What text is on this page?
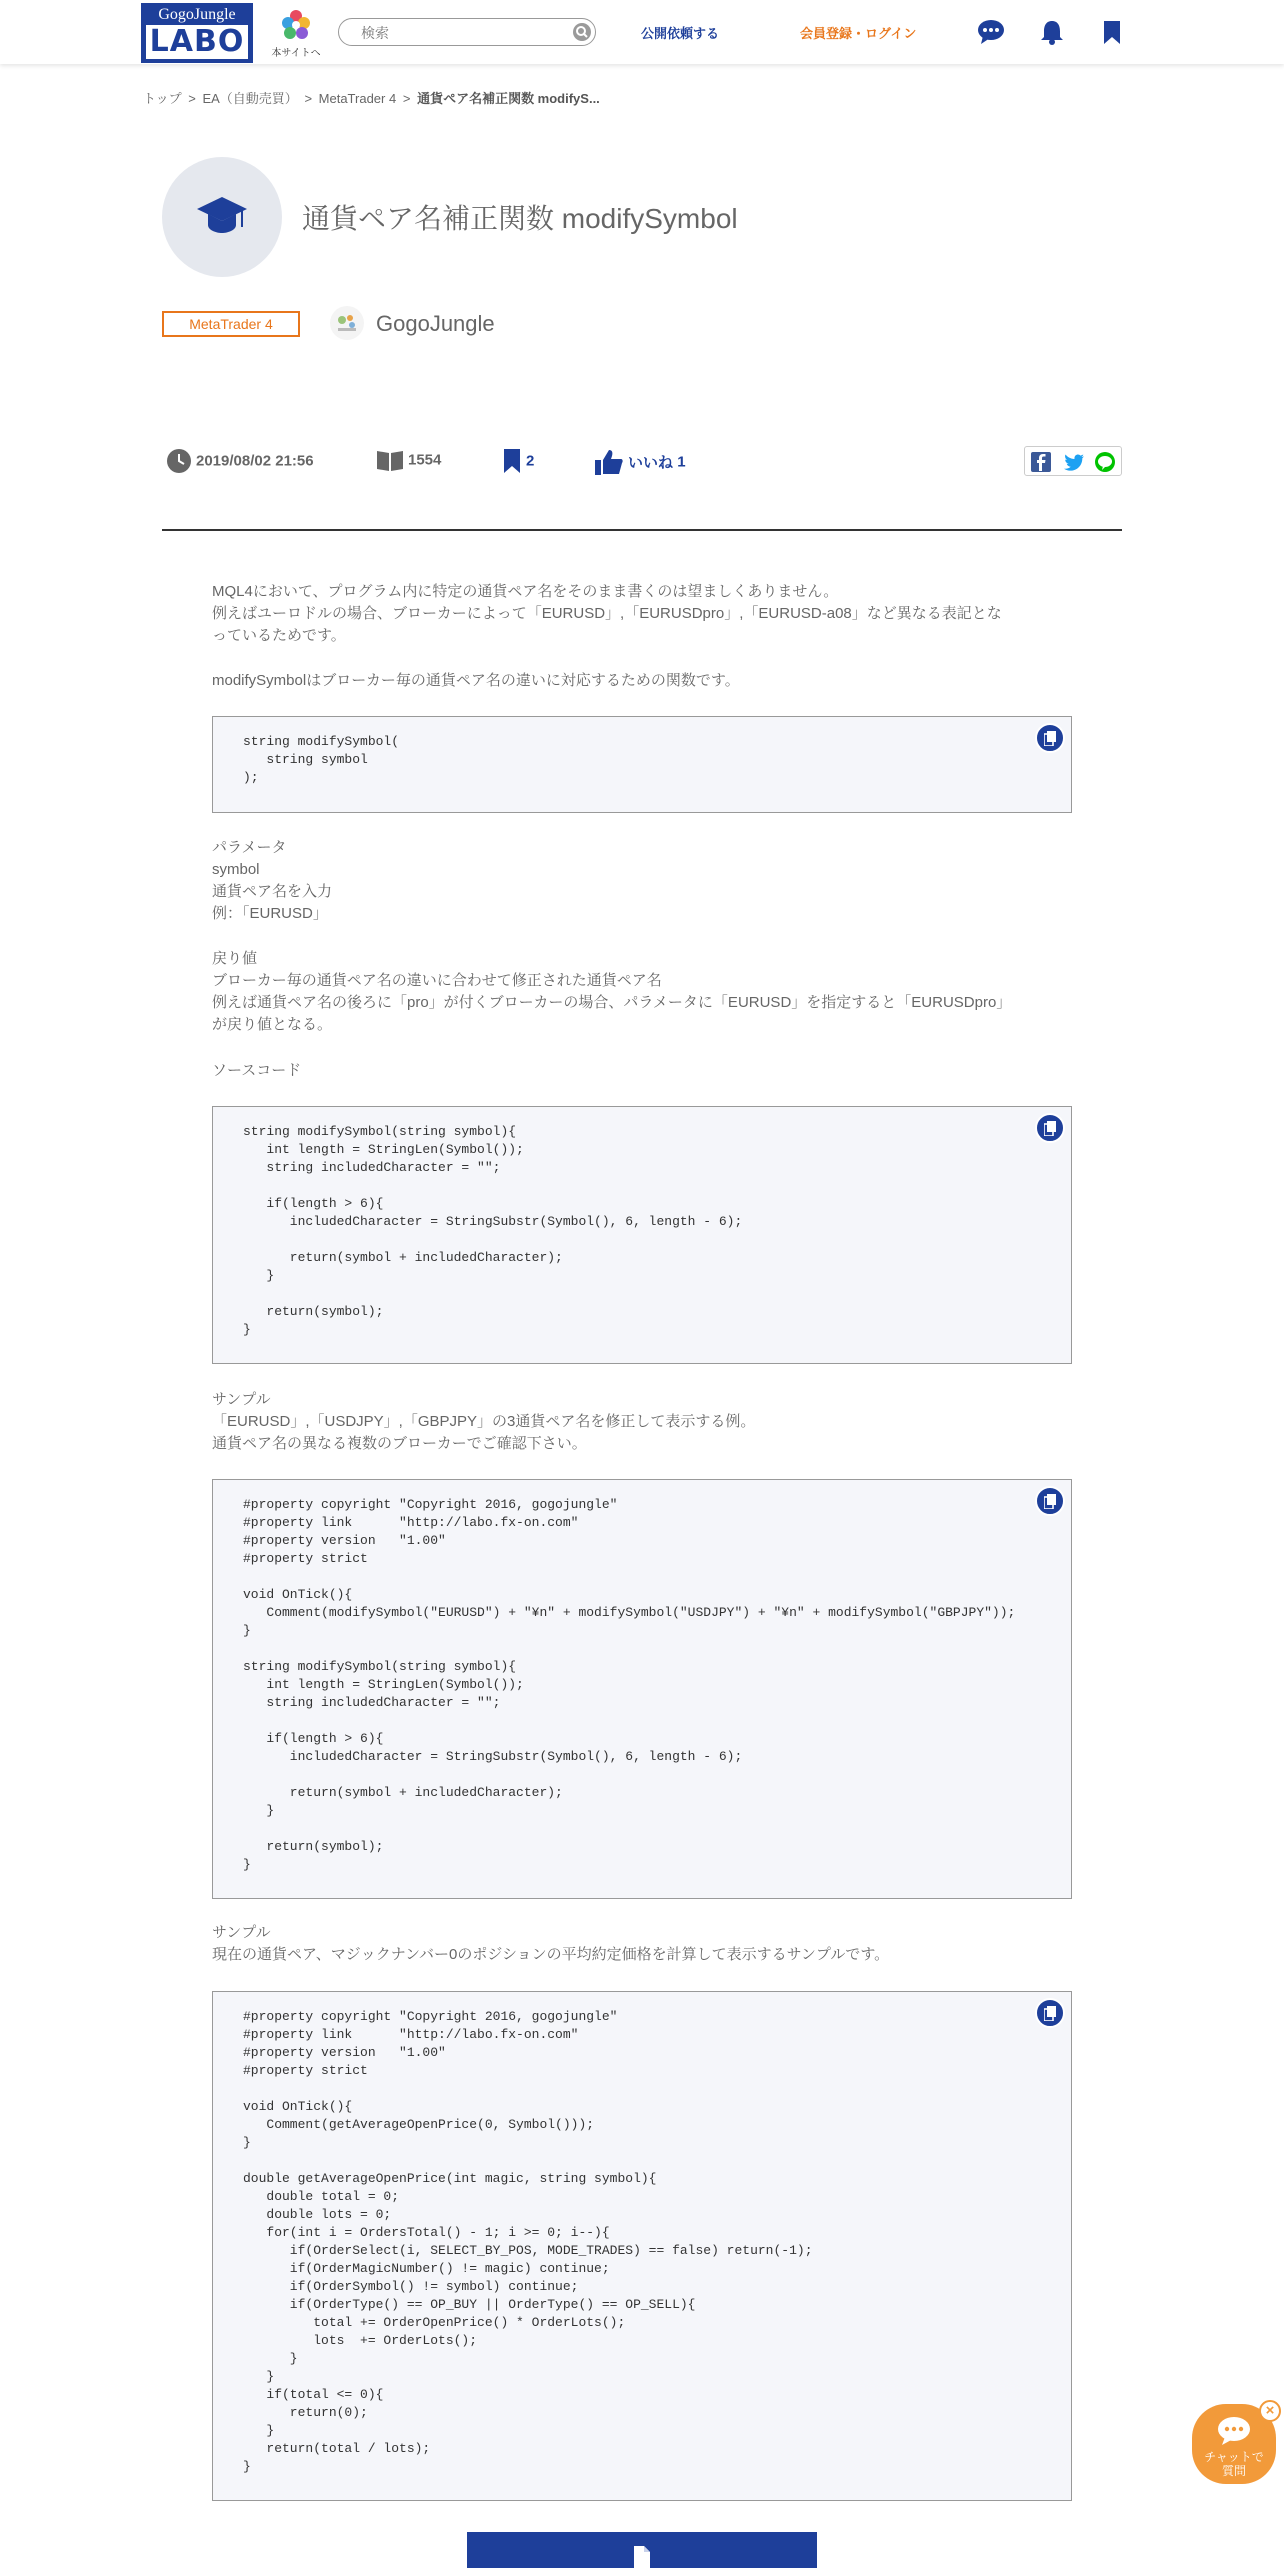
GogoJungle
LABO	本サイトへ
検索
公開依頼する	会員登録・ログイン
トップ > EA（自動売買） > MetaTrader 4 > 通貨ペア名補正関数 modifyS...
通貨ペア名補正関数 modifySymbol
MetaTrader 4	GogoJungle
2019/08/02 21:56	1554	2	いいね 1

MQL4において、プログラム内に特定の通貨ペア名をそのまま書くのは望ましくありません。

例えばユーロドルの場合、ブローカーによって「EURUSD」,「EURUSDpro」,「EURUSD-a08」など異なる表記とな

っているためです。

modifySymbolはブローカー毎の通貨ペア名の違いに対応するための関数です。

string modifySymbol(
string symbol
);

パラメータ

symbol

通貨ペア名を入力

例：「EURUSD」

戻り値

ブローカー毎の通貨ペア名の違いに合わせて修正された通貨ペア名

例えば通貨ペア名の後ろに「pro」が付くブローカーの場合、パラメータに「EURUSD」を指定すると「EURUSDpro」

が戻り値となる。

ソースコード

string modifySymbol(string symbol){
int length = StringLen(Symbol());
string includedCharacter = "";

if(length > 6){
includedCharacter = StringSubstr(Symbol(), 6, length - 6);

return(symbol + includedCharacter);
}

return(symbol);
}

サンプル

「EURUSD」,「USDJPY」,「GBPJPY」の3通貨ペア名を修正して表示する例。

通貨ペア名の異なる複数のブローカーでご確認下さい。

#property copyright "Copyright 2016, gogojungle"
#property link      "http://labo.fx-on.com"
#property version   "1.00"
#property strict

void OnTick(){
Comment(modifySymbol("EURUSD") + "¥n" + modifySymbol("USDJPY") + "¥n" + modifySymbol("GBPJPY"));
}

string modifySymbol(string symbol){
int length = StringLen(Symbol());
string includedCharacter = "";

if(length > 6){
includedCharacter = StringSubstr(Symbol(), 6, length - 6);

return(symbol + includedCharacter);
}

return(symbol);
}

サンプル

現在の通貨ペア、マジックナンバー0のポジションの平均約定価格を計算して表示するサンプルです。

#property copyright "Copyright 2016, gogojungle"
#property link      "http://labo.fx-on.com"
#property version   "1.00"
#property strict

void OnTick(){
Comment(getAverageOpenPrice(0, Symbol()));
}

double getAverageOpenPrice(int magic, string symbol){
double total = 0;
double lots = 0;
for(int i = OrdersTotal() - 1; i >= 0; i--){
if(OrderSelect(i, SELECT_BY_POS, MODE_TRADES) == false) return(-1);
if(OrderMagicNumber() != magic) continue;
if(OrderSymbol() != symbol) continue;
if(OrderType() == OP_BUY || OrderType() == OP_SELL){
total += OrderOpenPrice() * OrderLots();
lots  += OrderLots();
}
}
if(total <= 0){
return(0);
}
return(total / lots);
}
チャットで
質問
×
